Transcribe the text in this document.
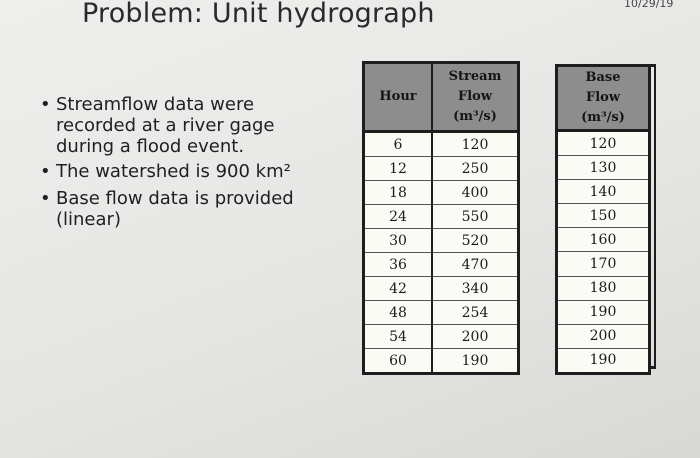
Problem: Unit hydrograph	10/29/19
• Streamflow data were recorded at a river gage during a flood event.
• The watershed is 900 km²
• Base flow data is provided (linear)
Hour
6
12
18
24
30
36
42
48
54
60
Stream
Flow
(m³/s)
120
250
400
550
520
470
340
254
200
190
Base
Flow
(m³/s)
120
130
140
150
160
170
180
190
200
190
